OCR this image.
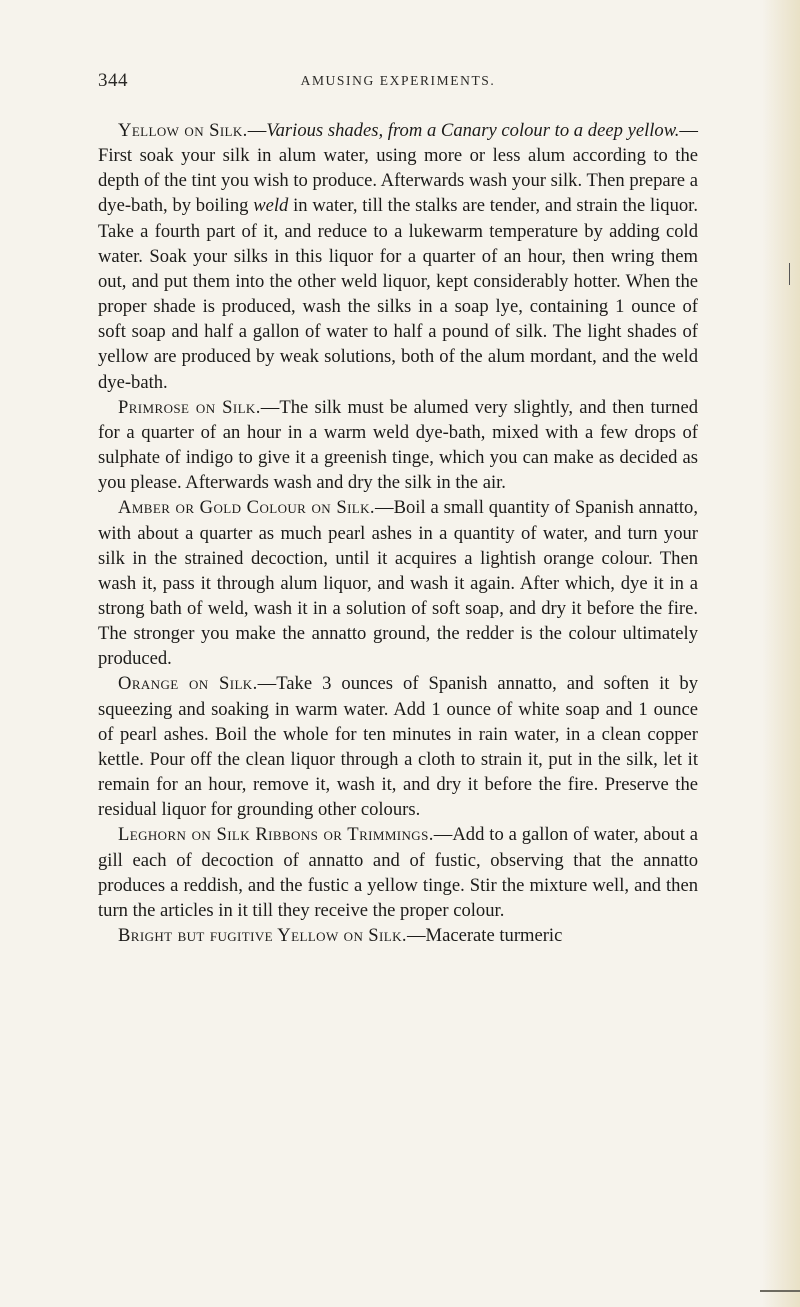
344	AMUSING EXPERIMENTS.

Yellow on Silk.—Various shades, from a Canary colour to a deep yellow.—First soak your silk in alum water, using more or less alum according to the depth of the tint you wish to produce. Afterwards wash your silk. Then prepare a dye-bath, by boiling weld in water, till the stalks are tender, and strain the liquor. Take a fourth part of it, and reduce to a lukewarm temperature by adding cold water. Soak your silks in this liquor for a quarter of an hour, then wring them out, and put them into the other weld liquor, kept considerably hotter. When the proper shade is produced, wash the silks in a soap lye, containing 1 ounce of soft soap and half a gallon of water to half a pound of silk. The light shades of yellow are produced by weak solutions, both of the alum mordant, and the weld dye-bath.

Primrose on Silk.—The silk must be alumed very slightly, and then turned for a quarter of an hour in a warm weld dye-bath, mixed with a few drops of sulphate of indigo to give it a greenish tinge, which you can make as decided as you please. Afterwards wash and dry the silk in the air.

Amber or Gold Colour on Silk.—Boil a small quantity of Spanish annatto, with about a quarter as much pearl ashes in a quantity of water, and turn your silk in the strained decoction, until it acquires a lightish orange colour. Then wash it, pass it through alum liquor, and wash it again. After which, dye it in a strong bath of weld, wash it in a solution of soft soap, and dry it before the fire. The stronger you make the annatto ground, the redder is the colour ultimately produced.

Orange on Silk.—Take 3 ounces of Spanish annatto, and soften it by squeezing and soaking in warm water. Add 1 ounce of white soap and 1 ounce of pearl ashes. Boil the whole for ten minutes in rain water, in a clean copper kettle. Pour off the clean liquor through a cloth to strain it, put in the silk, let it remain for an hour, remove it, wash it, and dry it before the fire. Preserve the residual liquor for grounding other colours.

Leghorn on Silk Ribbons or Trimmings.—Add to a gallon of water, about a gill each of decoction of annatto and of fustic, observing that the annatto produces a reddish, and the fustic a yellow tinge. Stir the mixture well, and then turn the articles in it till they receive the proper colour.

Bright but fugitive Yellow on Silk.—Macerate turmeric
